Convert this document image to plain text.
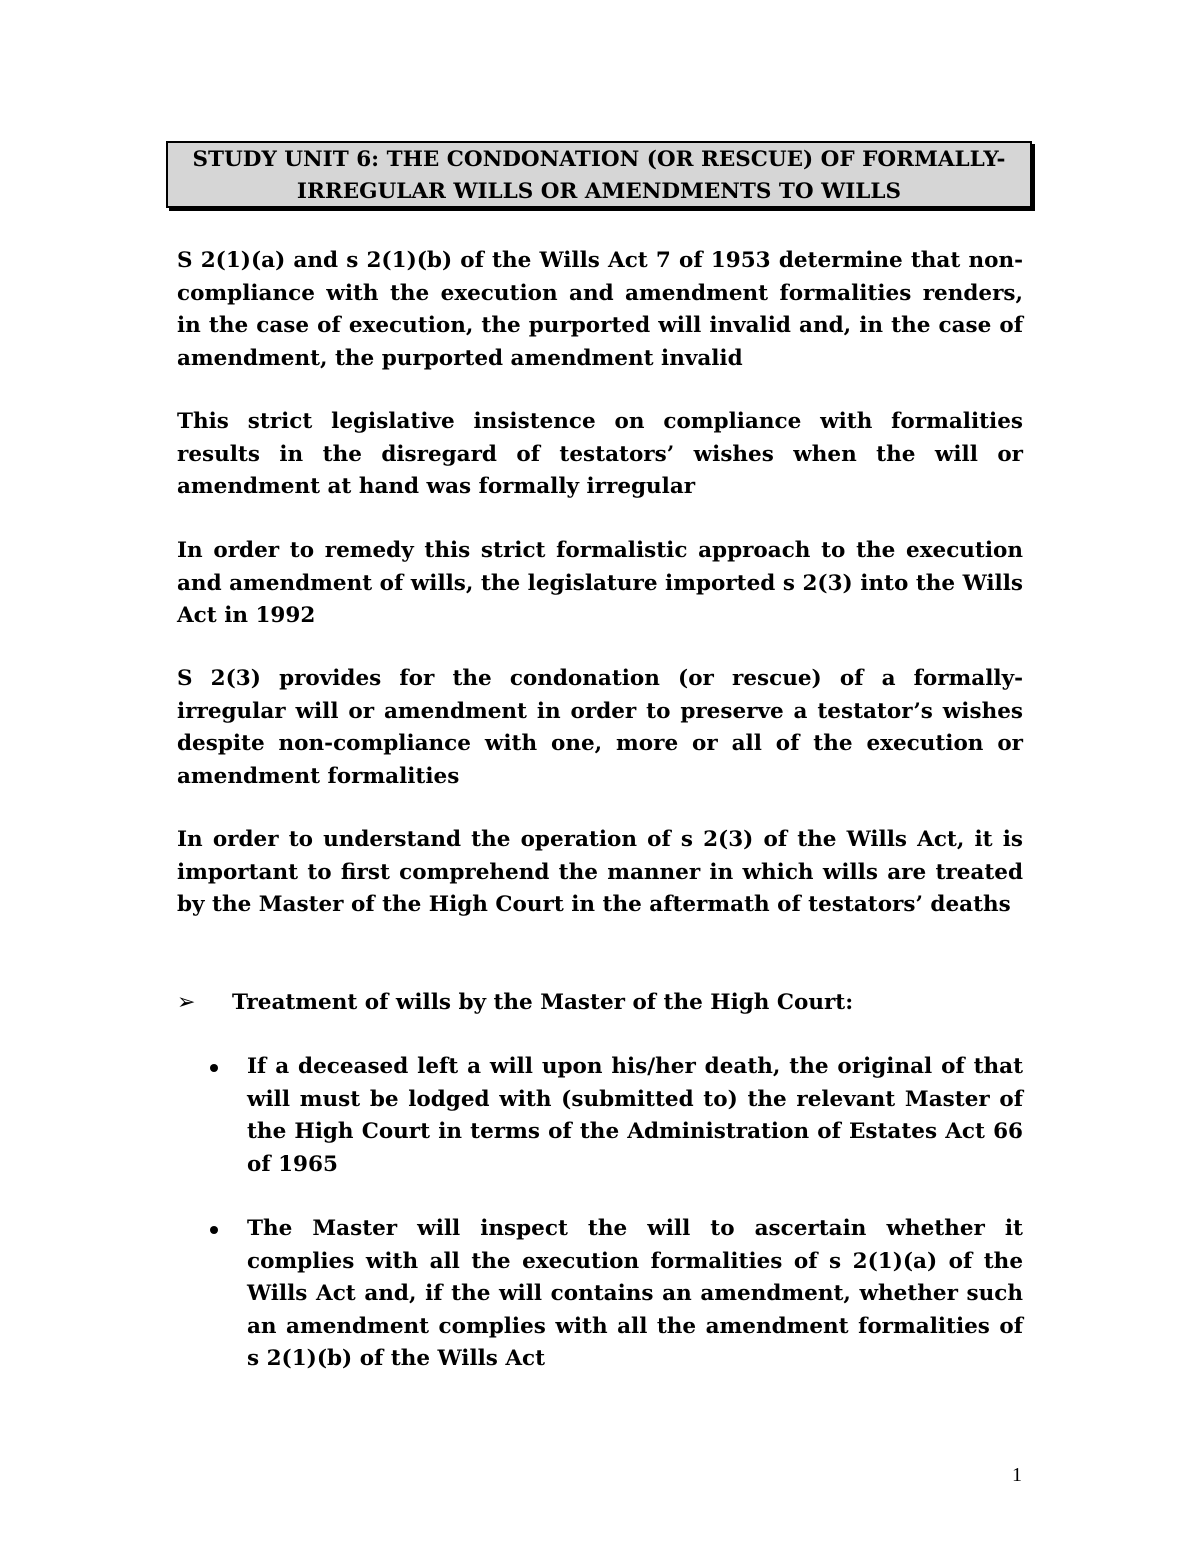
STUDY UNIT 6: THE CONDONATION (OR RESCUE) OF FORMALLY-
IRREGULAR WILLS OR AMENDMENTS TO WILLS
S 2(1)(a) and s 2(1)(b) of the Wills Act 7 of 1953 determine that non-compliance with the execution and amendment formalities renders, in the case of execution, the purported will invalid and, in the case of amendment, the purported amendment invalid
This strict legislative insistence on compliance with formalities results in the disregard of testators’ wishes when the will or amendment at hand was formally irregular
In order to remedy this strict formalistic approach to the execution and amendment of wills, the legislature imported s 2(3) into the Wills Act in 1992
S 2(3) provides for the condonation (or rescue) of a formally-irregular will or amendment in order to preserve a testator’s wishes despite non-compliance with one, more or all of the execution or amendment formalities
In order to understand the operation of s 2(3) of the Wills Act, it is important to first comprehend the manner in which wills are treated by the Master of the High Court in the aftermath of testators’ deaths
➢ Treatment of wills by the Master of the High Court:
If a deceased left a will upon his/her death, the original of that will must be lodged with (submitted to) the relevant Master of the High Court in terms of the Administration of Estates Act 66 of 1965
The Master will inspect the will to ascertain whether it complies with all the execution formalities of s 2(1)(a) of the Wills Act and, if the will contains an amendment, whether such an amendment complies with all the amendment formalities of s 2(1)(b) of the Wills Act
1
